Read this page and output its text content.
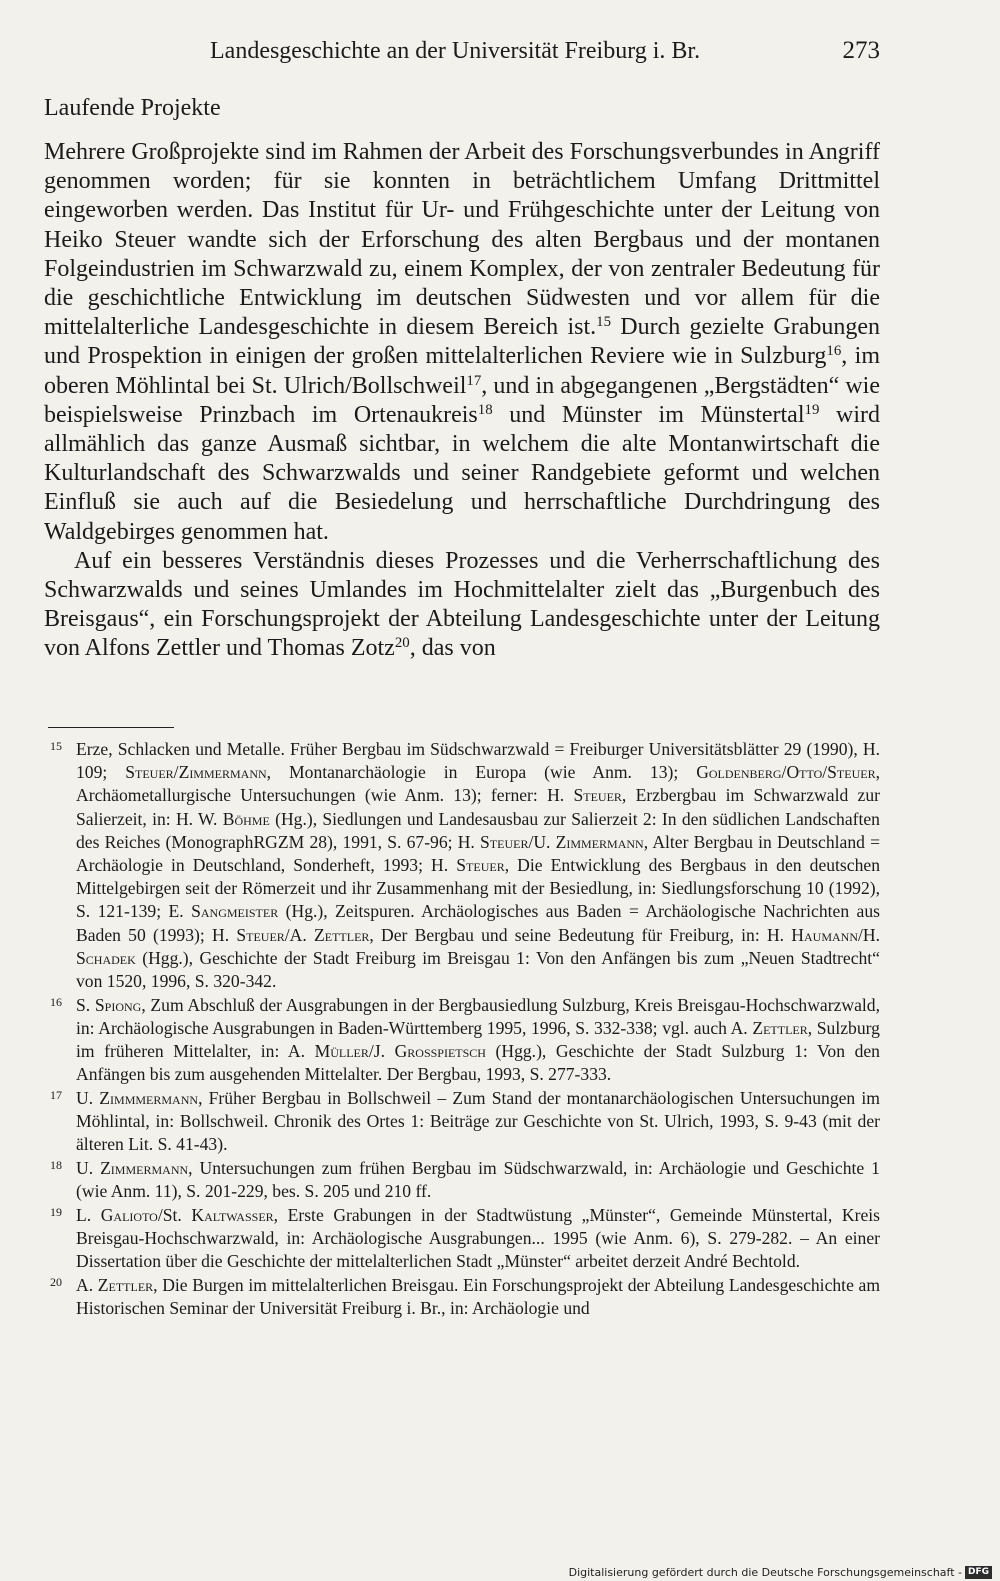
Landesgeschichte an der Universität Freiburg i. Br.	273
Laufende Projekte

Mehrere Großprojekte sind im Rahmen der Arbeit des Forschungsverbundes in Angriff genommen worden; für sie konnten in beträchtlichem Umfang Drittmittel eingeworben werden. Das Institut für Ur- und Frühgeschichte unter der Leitung von Heiko Steuer wandte sich der Erforschung des alten Bergbaus und der montanen Folgeindustrien im Schwarzwald zu, einem Komplex, der von zentraler Bedeutung für die geschichtliche Entwicklung im deutschen Südwesten und vor allem für die mittelalterliche Landesgeschichte in diesem Bereich ist.$^{15}$ Durch gezielte Grabungen und Prospektion in einigen der großen mittelalterlichen Reviere wie in Sulzburg$^{16}$, im oberen Möhlintal bei St. Ulrich/Bollschweil$^{17}$, und in abgegangenen „Bergstädten“ wie beispielsweise Prinzbach im Ortenaukreis$^{18}$ und Münster im Münstertal$^{19}$ wird allmählich das ganze Ausmaß sichtbar, in welchem die alte Montanwirtschaft die Kulturlandschaft des Schwarzwalds und seiner Randgebiete geformt und welchen Einfluß sie auch auf die Besiedelung und herrschaftliche Durchdringung des Waldgebirges genommen hat.

Auf ein besseres Verständnis dieses Prozesses und die Verherrschaftlichung des Schwarzwalds und seines Umlandes im Hochmittelalter zielt das „Burgenbuch des Breisgaus“, ein Forschungsprojekt der Abteilung Landesgeschichte unter der Leitung von Alfons Zettler und Thomas Zotz$^{20}$, das von

15 Erze, Schlacken und Metalle. Früher Bergbau im Südschwarzwald = Freiburger Universitätsblätter 29 (1990), H. 109; Steuer/Zimmermann, Montanarchäologie in Europa (wie Anm. 13); Goldenberg/Otto/Steuer, Archäometallurgische Untersuchungen (wie Anm. 13); ferner: H. Steuer, Erzbergbau im Schwarzwald zur Salierzeit, in: H. W. Böhme (Hg.), Siedlungen und Landesausbau zur Salierzeit 2: In den südlichen Landschaften des Reiches (MonographRGZM 28), 1991, S. 67-96; H. Steuer/U. Zimmermann, Alter Bergbau in Deutschland = Archäologie in Deutschland, Sonderheft, 1993; H. Steuer, Die Entwicklung des Bergbaus in den deutschen Mittelgebirgen seit der Römerzeit und ihr Zusammenhang mit der Besiedlung, in: Siedlungsforschung 10 (1992), S. 121-139; E. Sangmeister (Hg.), Zeitspuren. Archäologisches aus Baden = Archäologische Nachrichten aus Baden 50 (1993); H. Steuer/A. Zettler, Der Bergbau und seine Bedeutung für Freiburg, in: H. Haumann/H. Schadek (Hgg.), Geschichte der Stadt Freiburg im Breisgau 1: Von den Anfängen bis zum „Neuen Stadtrecht“ von 1520, 1996, S. 320-342.
16 S. Spiong, Zum Abschluß der Ausgrabungen in der Bergbausiedlung Sulzburg, Kreis Breisgau-Hochschwarzwald, in: Archäologische Ausgrabungen in Baden-Württemberg 1995, 1996, S. 332-338; vgl. auch A. Zettler, Sulzburg im früheren Mittelalter, in: A. Müller/J. Grosspietsch (Hgg.), Geschichte der Stadt Sulzburg 1: Von den Anfängen bis zum ausgehenden Mittelalter. Der Bergbau, 1993, S. 277-333.
17 U. Zimmmermann, Früher Bergbau in Bollschweil – Zum Stand der montanarchäologischen Untersuchungen im Möhlintal, in: Bollschweil. Chronik des Ortes 1: Beiträge zur Geschichte von St. Ulrich, 1993, S. 9-43 (mit der älteren Lit. S. 41-43).
18 U. Zimmermann, Untersuchungen zum frühen Bergbau im Südschwarzwald, in: Archäologie und Geschichte 1 (wie Anm. 11), S. 201-229, bes. S. 205 und 210 ff.
19 L. Galioto/St. Kaltwasser, Erste Grabungen in der Stadtwüstung „Münster“, Gemeinde Münstertal, Kreis Breisgau-Hochschwarzwald, in: Archäologische Ausgrabungen... 1995 (wie Anm. 6), S. 279-282. – An einer Dissertation über die Geschichte der mittelalterlichen Stadt „Münster“ arbeitet derzeit André Bechtold.
20 A. Zettler, Die Burgen im mittelalterlichen Breisgau. Ein Forschungsprojekt der Abteilung Landesgeschichte am Historischen Seminar der Universität Freiburg i. Br., in: Archäologie und
Digitalisierung gefördert durch die Deutsche Forschungsgemeinschaft - DFG
